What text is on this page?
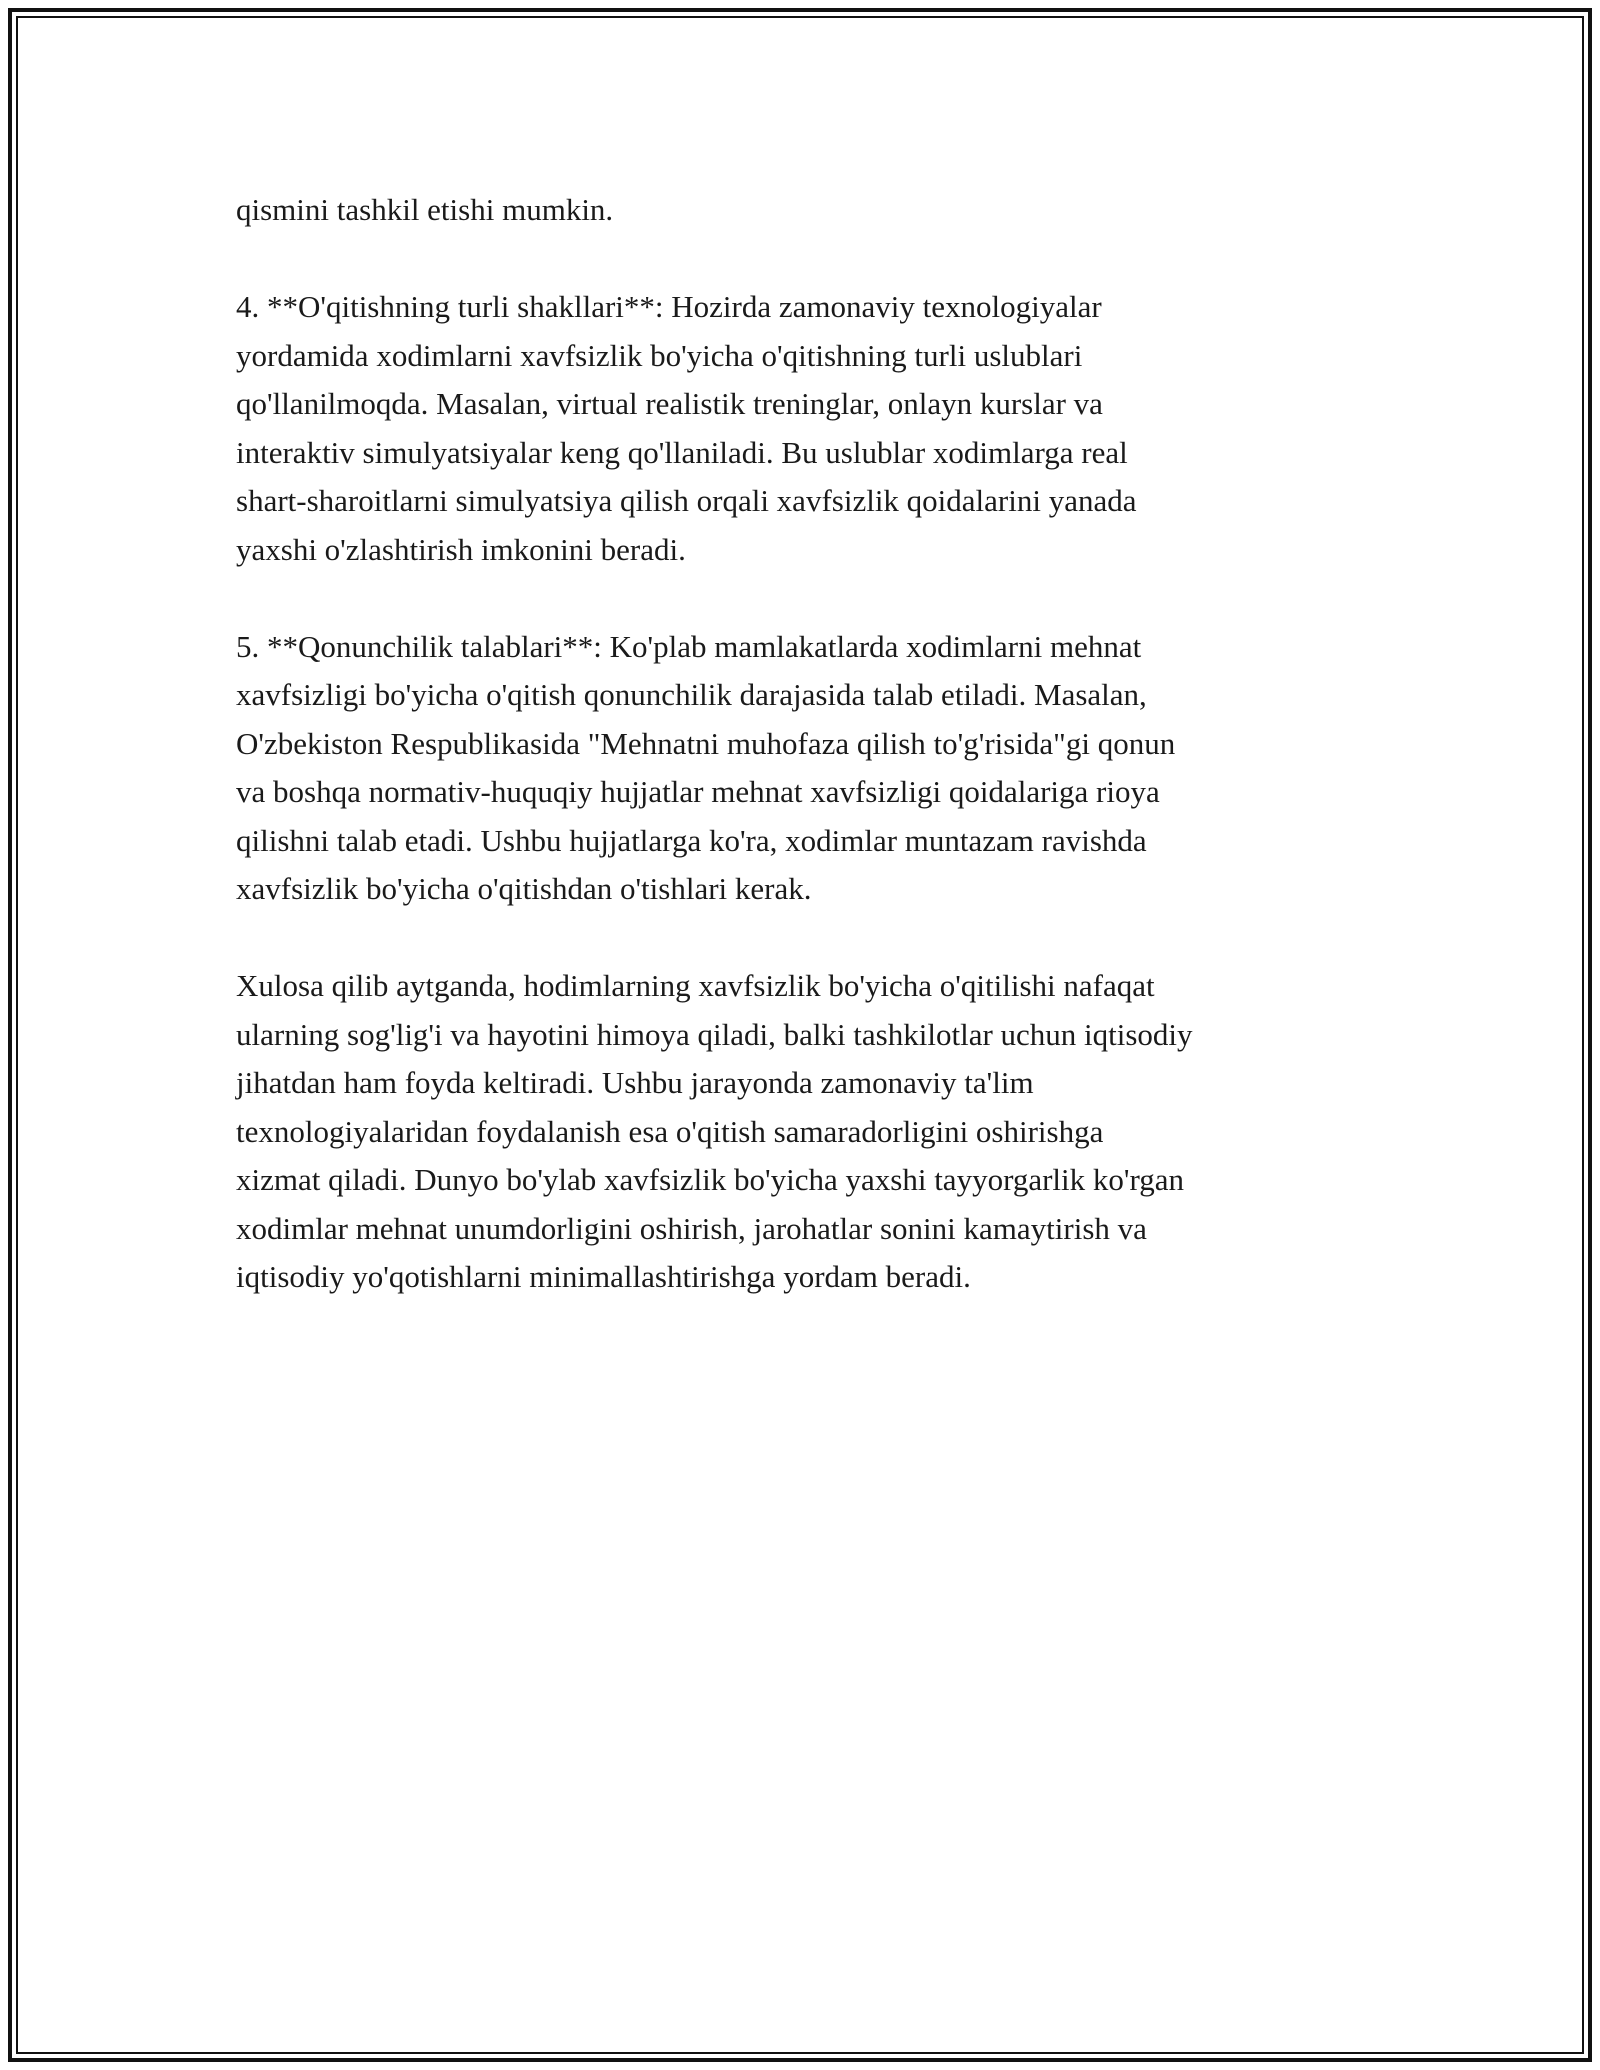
qismini tashkil etishi mumkin.

4. **O'qitishning turli shakllari**: Hozirda zamonaviy texnologiyalar
yordamida xodimlarni xavfsizlik bo'yicha o'qitishning turli uslublari
qo'llanilmoqda. Masalan, virtual realistik treninglar, onlayn kurslar va
interaktiv simulyatsiyalar keng qo'llaniladi. Bu uslublar xodimlarga real
shart-sharoitlarni simulyatsiya qilish orqali xavfsizlik qoidalarini yanada
yaxshi o'zlashtirish imkonini beradi.

5. **Qonunchilik talablari**: Ko'plab mamlakatlarda xodimlarni mehnat
xavfsizligi bo'yicha o'qitish qonunchilik darajasida talab etiladi. Masalan,
O'zbekiston Respublikasida "Mehnatni muhofaza qilish to'g'risida"gi qonun
va boshqa normativ-huquqiy hujjatlar mehnat xavfsizligi qoidalariga rioya
qilishni talab etadi. Ushbu hujjatlarga ko'ra, xodimlar muntazam ravishda
xavfsizlik bo'yicha o'qitishdan o'tishlari kerak.

Xulosa qilib aytganda, hodimlarning xavfsizlik bo'yicha o'qitilishi nafaqat
ularning sog'lig'i va hayotini himoya qiladi, balki tashkilotlar uchun iqtisodiy
jihatdan ham foyda keltiradi. Ushbu jarayonda zamonaviy ta'lim
texnologiyalaridan foydalanish esa o'qitish samaradorligini oshirishga
xizmat qiladi. Dunyo bo'ylab xavfsizlik bo'yicha yaxshi tayyorgarlik ko'rgan
xodimlar mehnat unumdorligini oshirish, jarohatlar sonini kamaytirish va
iqtisodiy yo'qotishlarni minimallashtirishga yordam beradi.
